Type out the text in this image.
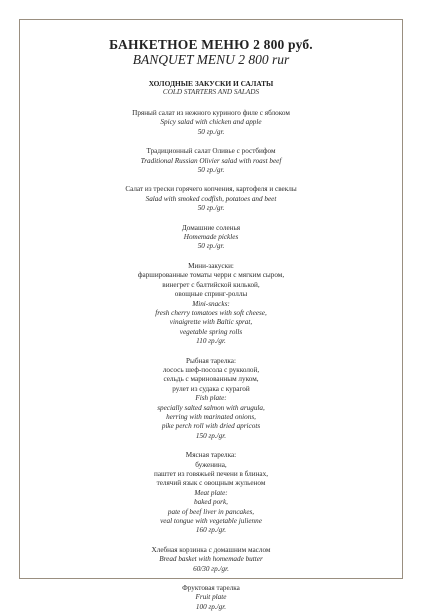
БАНКЕТНОЕ МЕНЮ 2 800 руб.
BANQUET MENU 2 800 rur
ХОЛОДНЫЕ ЗАКУСКИ И САЛАТЫ
COLD STARTERS AND SALADS
Пряный салат из нежного куриного филе с яблоком
Spicy salad with chicken and apple
50 гр./gr.
Традиционный салат Оливье с ростбифом
Traditional Russian Olivier salad with roast beef
50 гр./gr.
Салат из трески горячего копчения, картофеля и свеклы
Salad with smoked codfish, potatoes and beet
50 гр./gr.
Домашние соленья
Homemade pickles
50 гр./gr.
Мини-закуски:
фаршированные томаты черри с мягким сыром,
винегрет с балтийской килькой,
овощные спринг-роллы
Mini-snacks:
fresh cherry tomatoes with soft cheese,
vinaigrette with Baltic sprat,
vegetable spring rolls
110 гр./gr.
Рыбная тарелка:
лосось шеф-посола с рукколой,
сельдь с маринованным луком,
рулет из судака с курагой
Fish plate:
specially salted salmon with arugula,
herring with marinated onions,
pike perch roll with dried apricots
150 гр./gr.
Мясная тарелка:
буженина,
паштет из говяжьей печени в блинах,
телячий язык с овощным жульеном
Meat plate:
baked pork,
pate of beef liver in pancakes,
veal tongue with vegetable julienne
160 гр./gr.
Хлебная корзинка с домашним маслом
Bread basket with homemade butter
60/30 гр./gr.
Фруктовая тарелка
Fruit plate
100 гр./gr.
